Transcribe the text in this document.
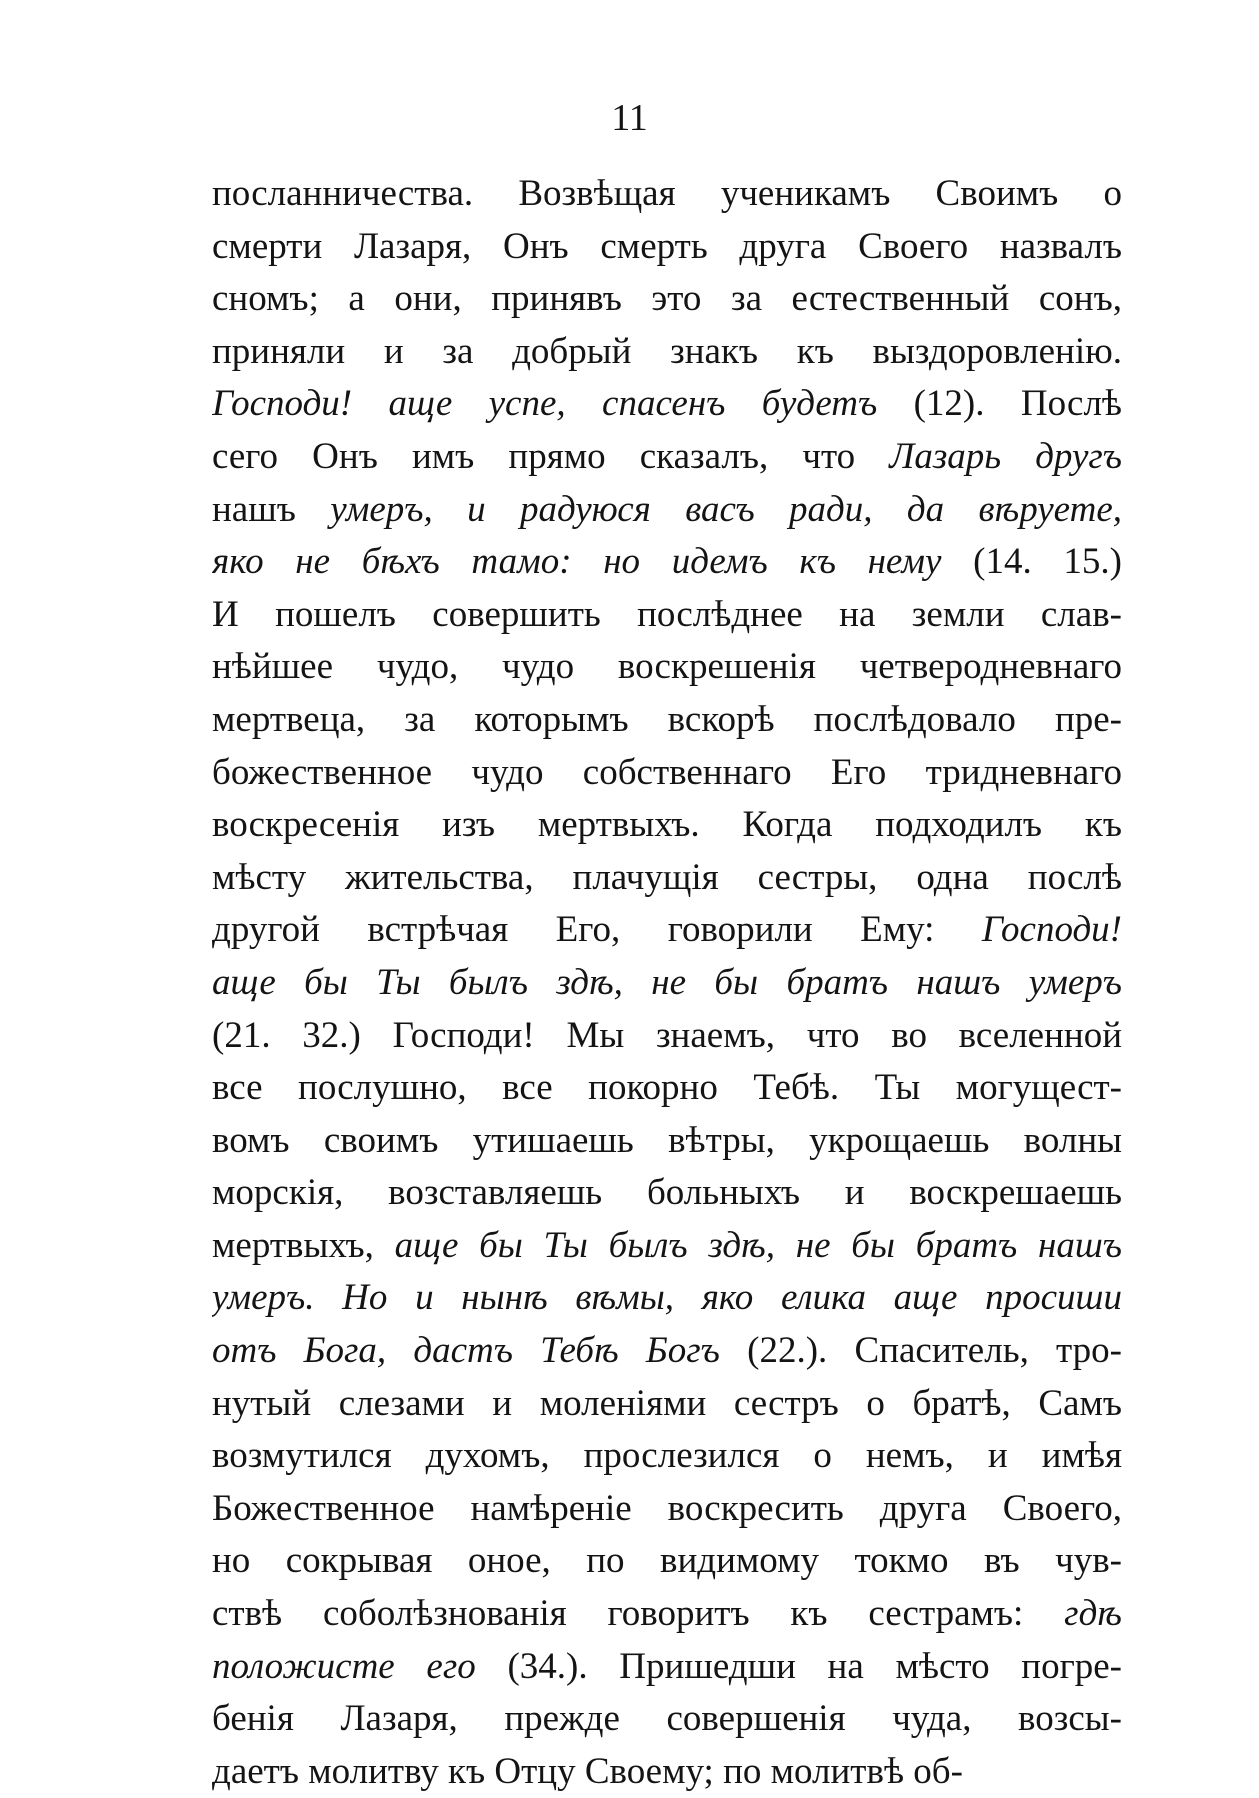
11
посланничества. Возвѣщая ученикамъ Своимъ о
смерти Лазаря, Онъ смерть друга Своего назвалъ
сномъ; а они, принявъ это за естественный сонъ,
приняли и за добрый знакъ къ выздоровленію.
Господи! аще успе, спасенъ будетъ (12). Послѣ
сего Онъ имъ прямо сказалъ, что Лазарь другъ
нашъ умеръ, и радуюся васъ ради, да вѣруете,
яко не бѣхъ тамо: но идемъ къ нему (14. 15.)
И пошелъ совершить послѣднее на земли слав-
нѣйшее чудо, чудо воскрешенія четверодневнаго
мертвеца, за которымъ вскорѣ послѣдовало пре-
божественное чудо собственнаго Его тридневнаго
воскресенія изъ мертвыхъ. Когда подходилъ къ
мѣсту жительства, плачущія сестры, одна послѣ
другой встрѣчая Его, говорили Ему: Господи!
аще бы Ты былъ здѣ, не бы братъ нашъ умеръ
(21. 32.) Господи! Мы знаемъ, что во вселенной
все послушно, все покорно Тебѣ. Ты могущест-
вомъ своимъ утишаешь вѣтры, укрощаешь волны
морскія, возставляешь больныхъ и воскрешаешь
мертвыхъ, аще бы Ты былъ здѣ, не бы братъ нашъ
умеръ. Но и нынѣ вѣмы, яко елика аще просиши
отъ Бога, дастъ Тебѣ Богъ (22.). Спаситель, тро-
нутый слезами и моленіями сестръ о братѣ, Самъ
возмутился духомъ, прослезился о немъ, и имѣя
Божественное намѣреніе воскресить друга Своего,
но сокрывая оное, по видимому токмо въ чув-
ствѣ соболѣзнованія говоритъ къ сестрамъ: гдѣ
положисте его (34.). Пришедши на мѣсто погре-
бенія Лазаря, прежде совершенія чуда, возсы-
даетъ молитву къ Отцу Своему; по молитвѣ об-
